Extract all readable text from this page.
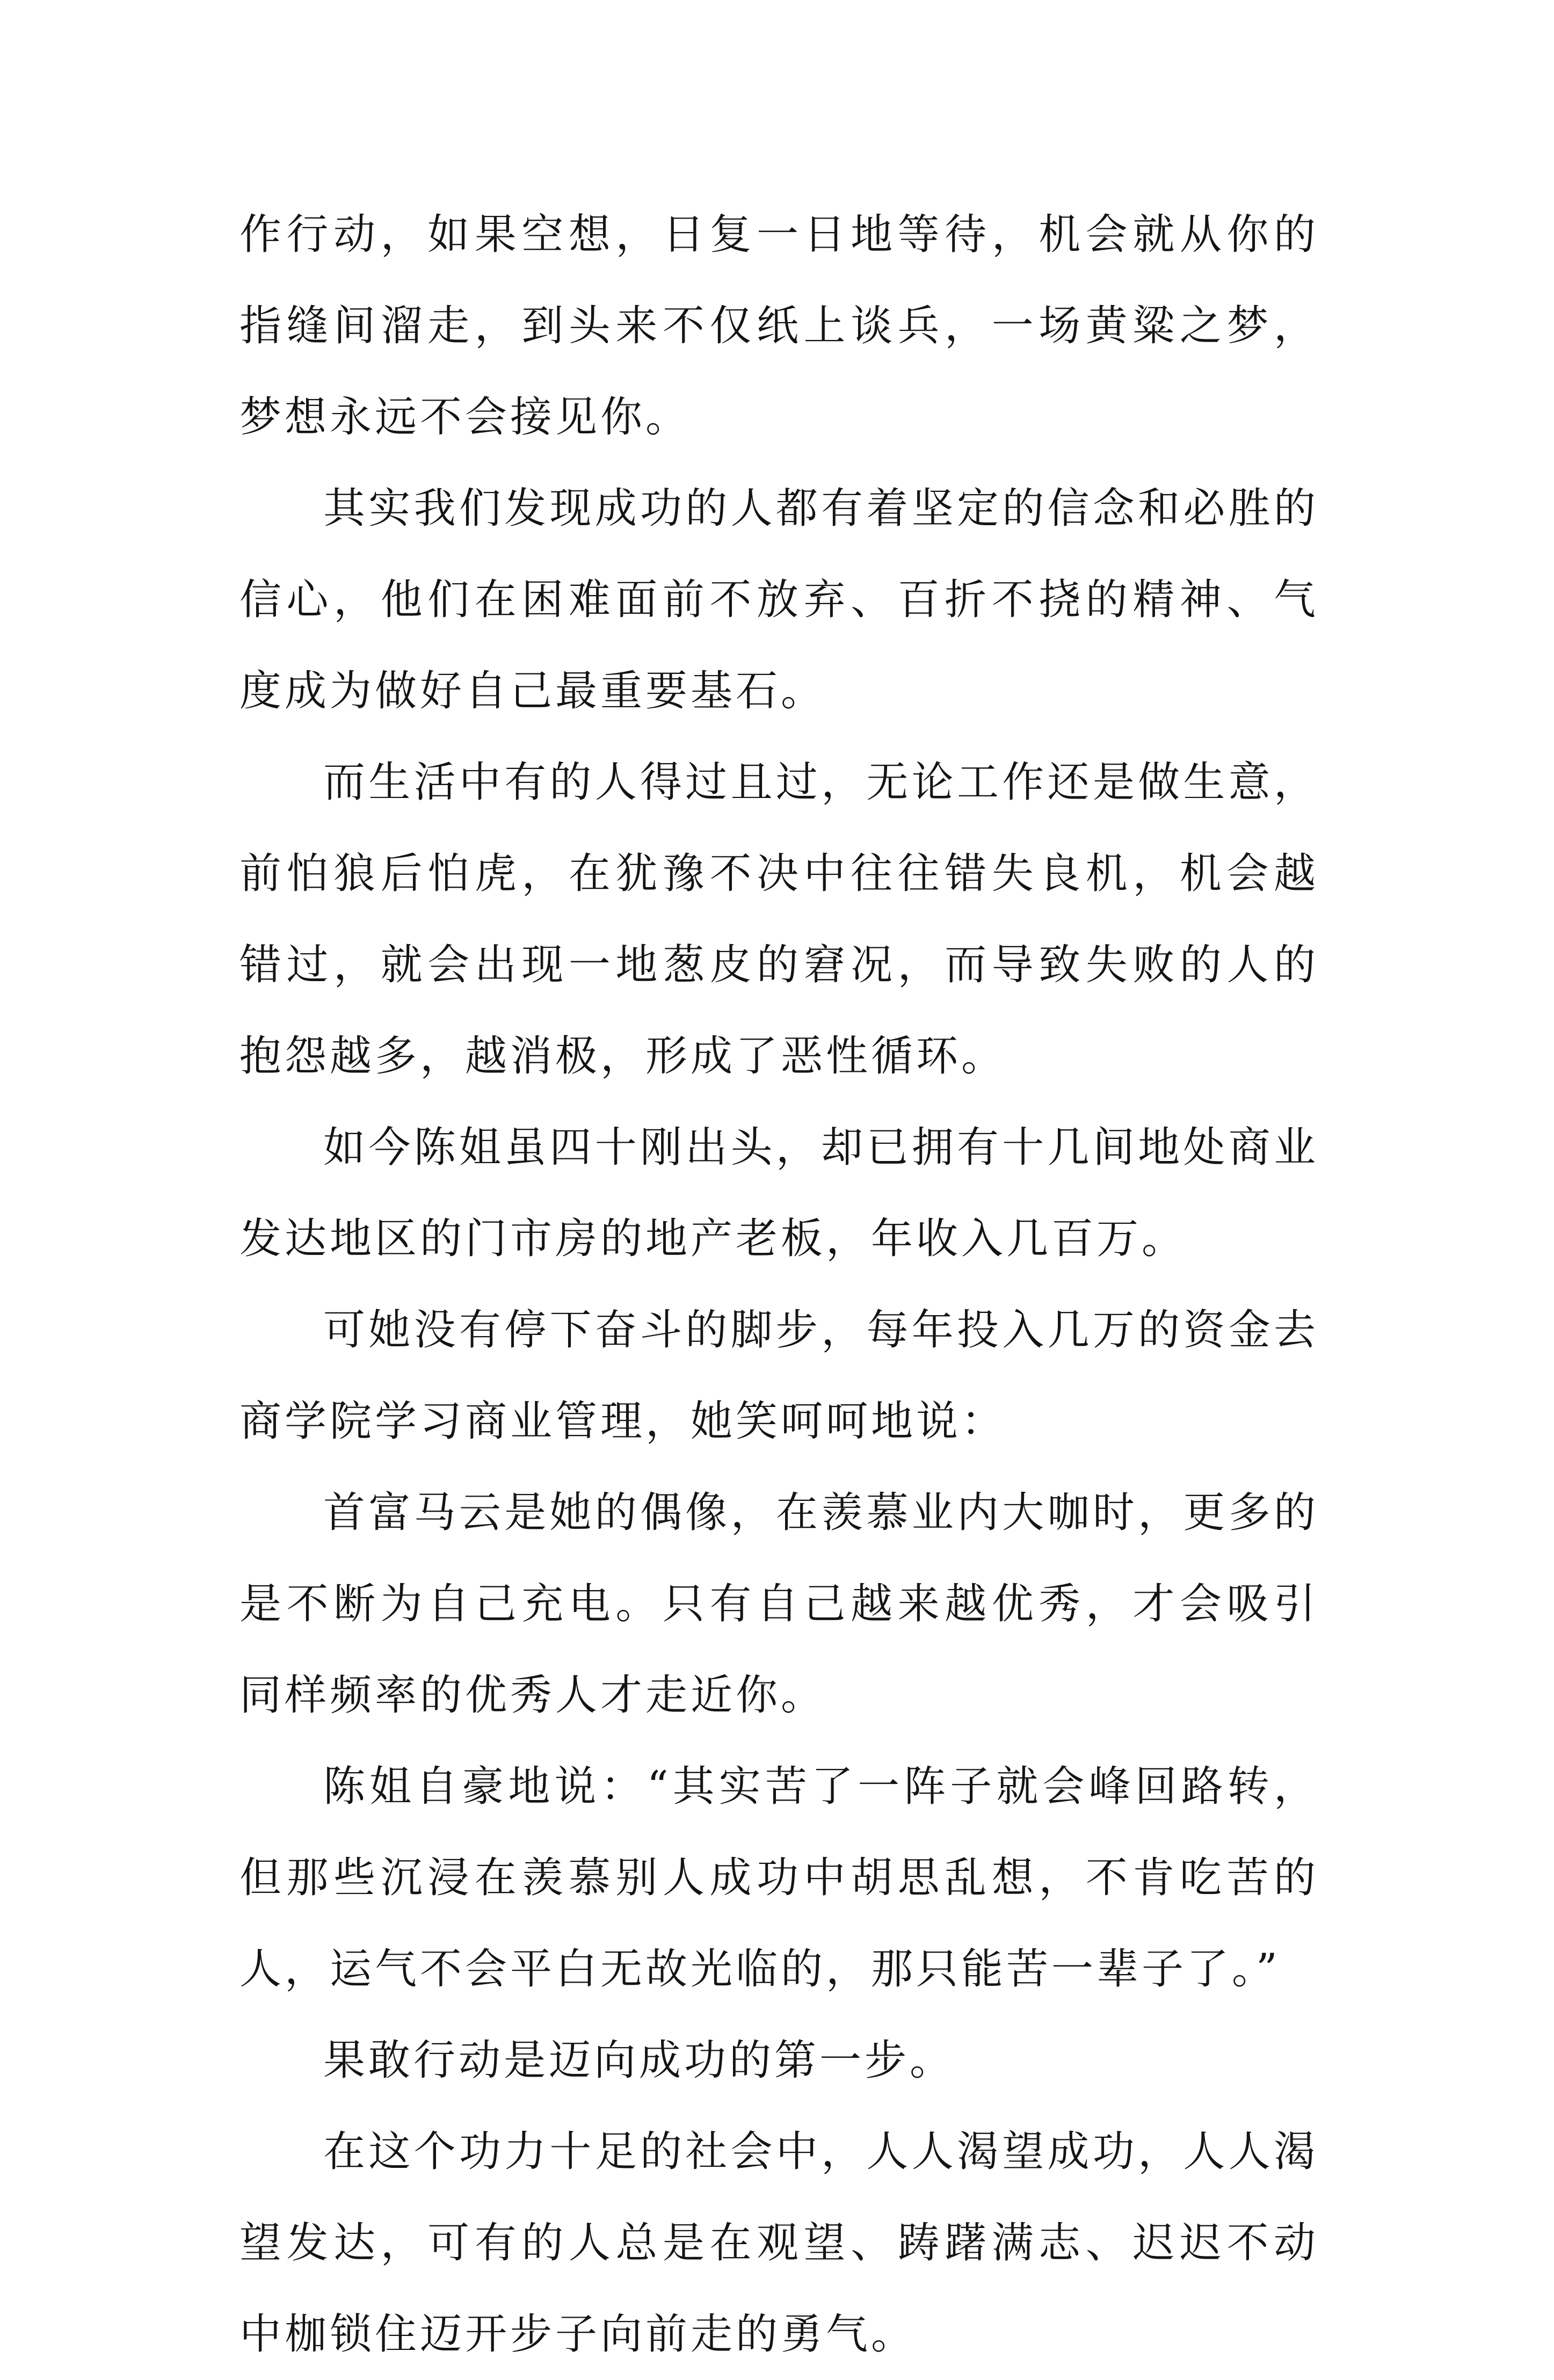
作行动，如果空想，日复一日地等待，机会就从你的指缝间溜走，到头来不仅纸上谈兵，一场黄粱之梦，梦想永远不会接见你。

其实我们发现成功的人都有着坚定的信念和必胜的信心，他们在困难面前不放弃、百折不挠的精神、气度成为做好自己最重要基石。

而生活中有的人得过且过，无论工作还是做生意，前怕狼后怕虎，在犹豫不决中往往错失良机，机会越错过，就会出现一地葱皮的窘况，而导致失败的人的抱怨越多，越消极，形成了恶性循环。

如今陈姐虽四十刚出头，却已拥有十几间地处商业发达地区的门市房的地产老板，年收入几百万。

可她没有停下奋斗的脚步，每年投入几万的资金去商学院学习商业管理，她笑呵呵地说：

首富马云是她的偶像，在羡慕业内大咖时，更多的是不断为自己充电。只有自己越来越优秀，才会吸引同样频率的优秀人才走近你。

陈姐自豪地说：“其实苦了一阵子就会峰回路转，但那些沉浸在羡慕别人成功中胡思乱想，不肯吃苦的人，运气不会平白无故光临的，那只能苦一辈子了。”

果敢行动是迈向成功的第一步。

在这个功力十足的社会中，人人渴望成功，人人渴望发达，可有的人总是在观望、踌躇满志、迟迟不动中枷锁住迈开步子向前走的勇气。
